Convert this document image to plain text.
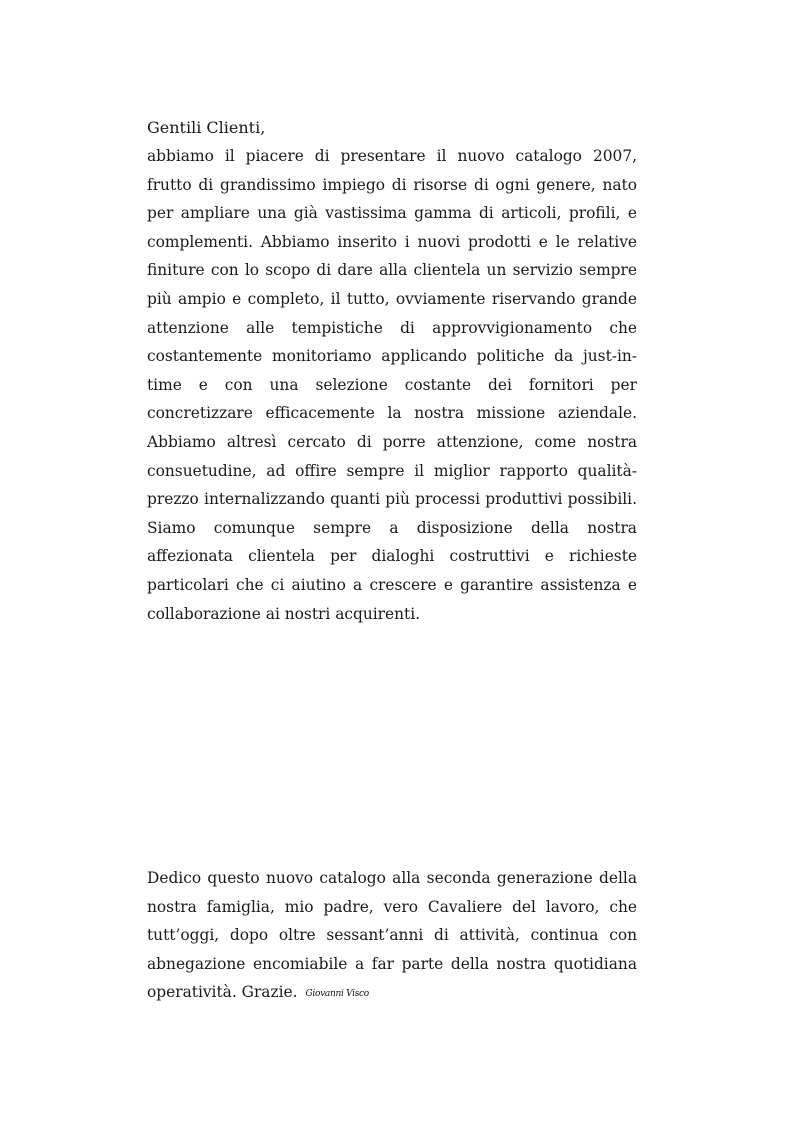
Gentili Clienti,

abbiamo il piacere di presentare il nuovo catalogo 2007, frutto di grandissimo impiego di risorse di ogni genere, nato per ampliare una già vastissima gamma di articoli, profili, e complementi. Abbiamo inserito i nuovi prodotti e le relative finiture con lo scopo di dare alla clientela un servizio sempre più ampio e completo, il tutto, ovviamente riservando grande attenzione alle tempistiche di approvvigionamento che costantemente monitoriamo applicando politiche da just-in-time e con una selezione costante dei fornitori per concretizzare efficacemente la nostra missione aziendale. Abbiamo altresì cercato di porre attenzione, come nostra consuetudine, ad offire sempre il miglior rapporto qualità-prezzo internalizzando quanti più processi produttivi possibili. Siamo comunque sempre a disposizione della nostra affezionata clientela per dialoghi costruttivi e richieste particolari che ci aiutino a crescere e garantire assistenza e collaborazione ai nostri acquirenti.

Dedico questo nuovo catalogo alla seconda generazione della nostra famiglia, mio padre, vero Cavaliere del lavoro, che tutt’oggi, dopo oltre sessant’anni di attività, continua con abnegazione encomiabile a far parte della nostra quotidiana operatività. Grazie. Giovanni Visco
